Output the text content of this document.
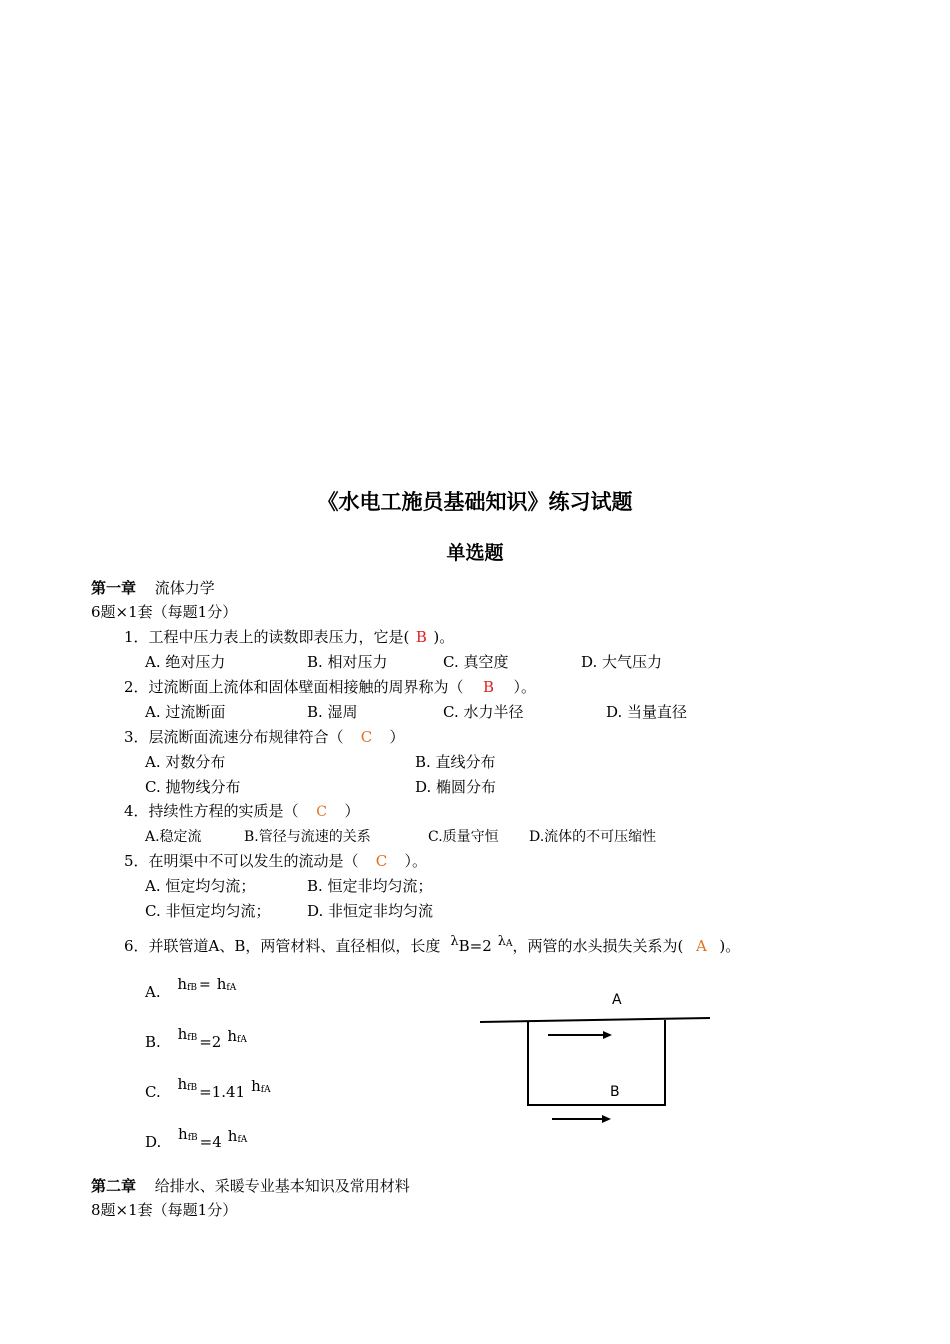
《水电工施员基础知识》练习试题
单选题
第一章 流体力学
6题×1套（每题1分）
1．工程中压力表上的读数即表压力，它是( B )。
A. 绝对压力	B. 相对压力	C. 真空度	D. 大气压力
2．过流断面上流体和固体壁面相接触的周界称为（ B ）。
A. 过流断面	B. 湿周	C. 水力半径	D. 当量直径
3．层流断面流速分布规律符合（ C ）
A. 对数分布	B. 直线分布
C. 抛物线分布	D. 椭圆分布
4．持续性方程的实质是（ C ）
A.稳定流	B.管径与流速的关系	C.质量守恒 D.流体的不可压缩性
5．在明渠中不可以发生的流动是（ C ）。
A. 恒定均匀流；	B. 恒定非均匀流；
C. 非恒定均匀流； D. 非恒定非均匀流
6．并联管道A、B，两管材料、直径相似，长度 λB=2 $\lambda^A$，两管的水头损失关系为( A )。
A. hfB = hfA
B. hfB =2 hfA
C. hfB =1.41 hfA
D. hfB =4 hfA
A
B
第二章 给排水、采暖专业基本知识及常用材料
8题×1套（每题1分）
